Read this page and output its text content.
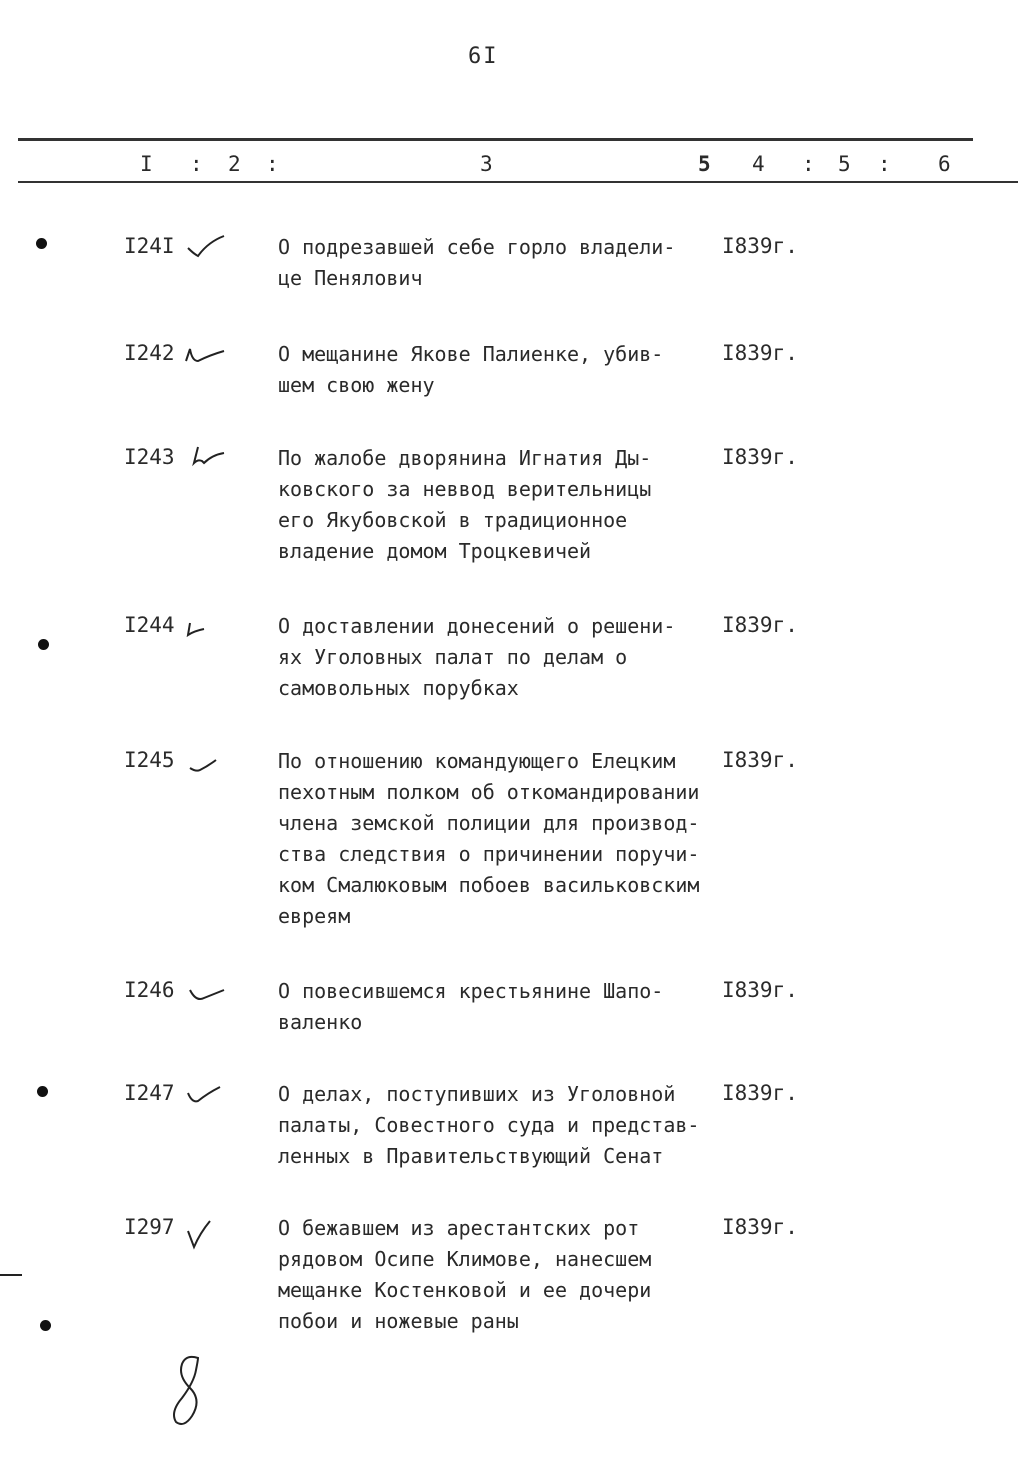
6I
I : 2 :	3	5 4 : 5 : 6
I24I	О подрезавшей себе горло владели-
це Пенялович
I839г.
I242	О мещанине Якове Палиенке, убив-
шем свою жену
I839г.
I243	По жалобе дворянина Игнатия Ды-
ковского за неввод верительницы
его Якубовской в традиционное
владение домом Троцкевичей
I839г.
I244	О доставлении донесений о решени-
ях Уголовных палат по делам о
самовольных порубках
I839г.
I245	По отношению командующего Елецким
пехотным полком об откомандировании
члена земской полиции для производ-
ства следствия о причинении поручи-
ком Смалюковым побоев васильковским
евреям
I839г.
I246	О повесившемся крестьянине Шапо-
валенко
I839г.
I247	О делах, поступивших из Уголовной
палаты, Совестного суда и представ-
ленных в Правительствующий Сенат
I839г.
I297	О бежавшем из арестантских рот
рядовом Осипе Климове, нанесшем
мещанке Костенковой и ее дочери
побои и ножевые раны
I839г.
